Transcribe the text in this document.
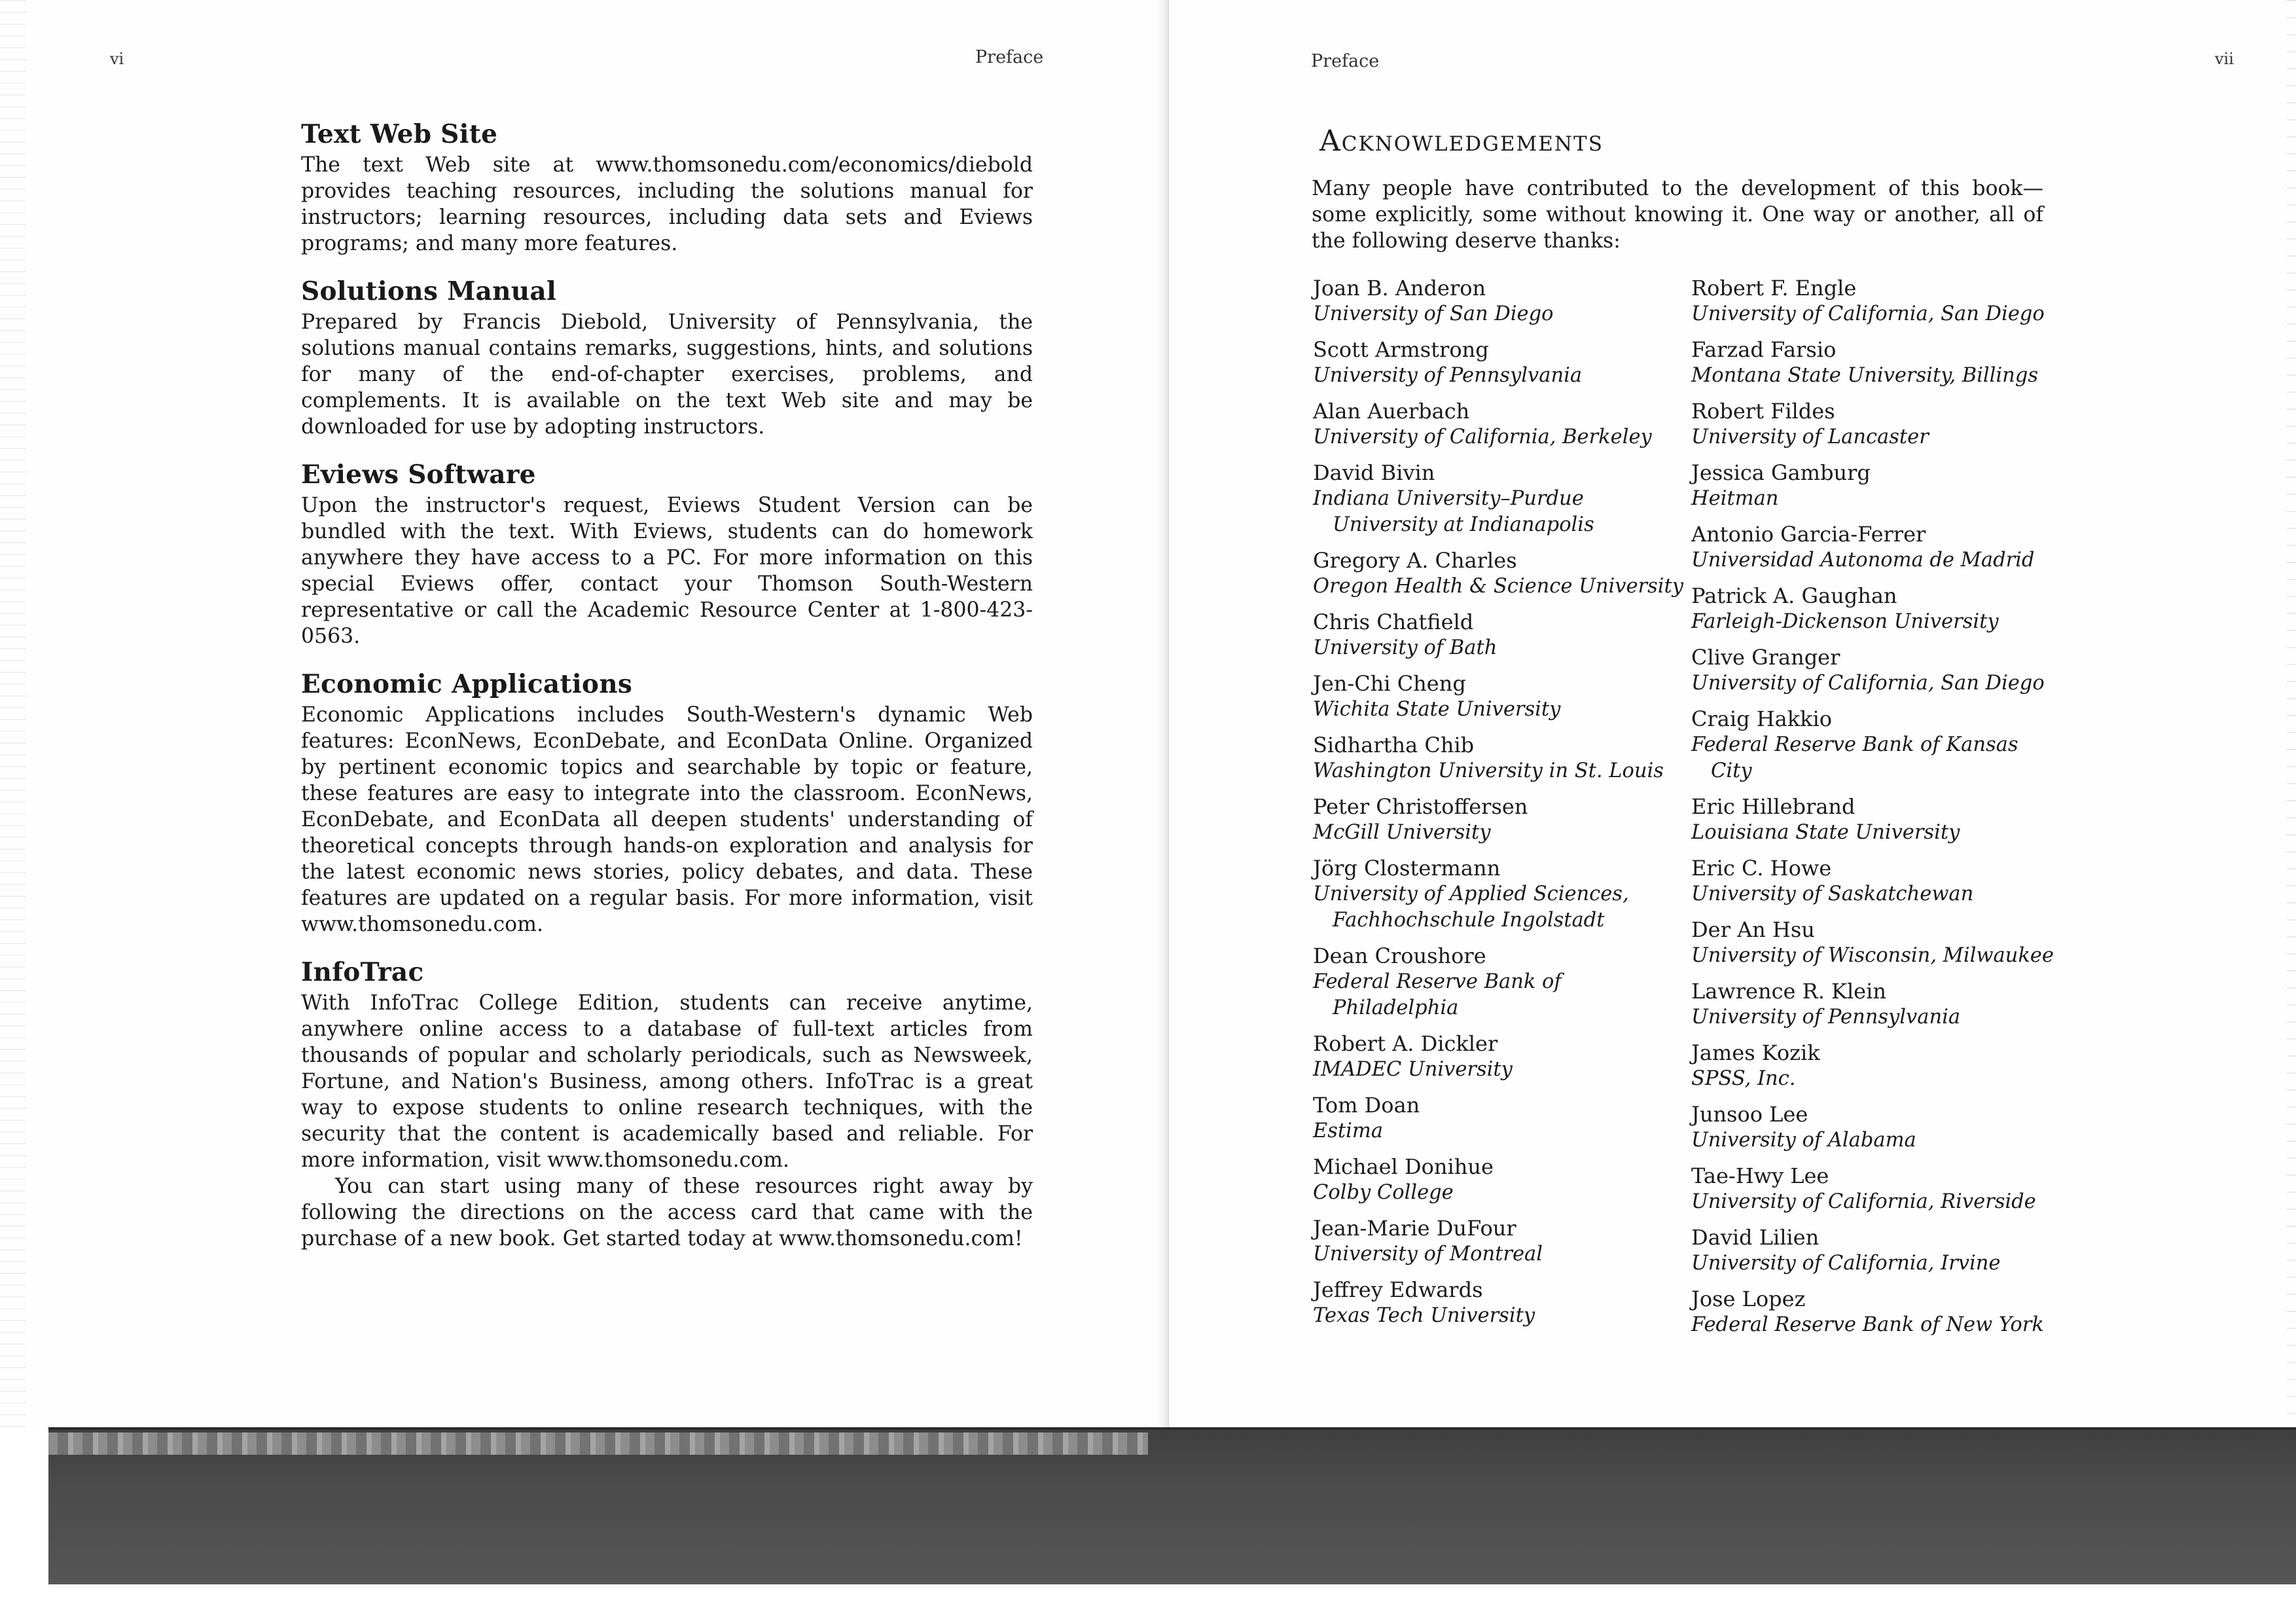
vi	Preface
Text Web Site

The text Web site at www.thomsonedu.com/economics/diebold provides teaching resources, including the solutions manual for instructors; learning resources, including data sets and Eviews programs; and many more features.

Solutions Manual

Prepared by Francis Diebold, University of Pennsylvania, the solutions manual contains remarks, suggestions, hints, and solutions for many of the end-of-chapter exercises, problems, and complements. It is available on the text Web site and may be downloaded for use by adopting instructors.

Eviews Software

Upon the instructor's request, Eviews Student Version can be bundled with the text. With Eviews, students can do homework anywhere they have access to a PC. For more information on this special Eviews offer, contact your Thomson South-Western representative or call the Academic Resource Center at 1-800-423-0563.

Economic Applications

Economic Applications includes South-Western's dynamic Web features: EconNews, EconDebate, and EconData Online. Organized by pertinent economic topics and searchable by topic or feature, these features are easy to integrate into the classroom. EconNews, EconDebate, and EconData all deepen students' understanding of theoretical concepts through hands-on exploration and analysis for the latest economic news stories, policy debates, and data. These features are updated on a regular basis. For more information, visit www.thomsonedu.com.

InfoTrac

With InfoTrac College Edition, students can receive anytime, anywhere online access to a database of full-text articles from thousands of popular and scholarly periodicals, such as Newsweek, Fortune, and Nation's Business, among others. InfoTrac is a great way to expose students to online research techniques, with the security that the content is academically based and reliable. For more information, visit www.thomsonedu.com.

You can start using many of these resources right away by following the directions on the access card that came with the purchase of a new book. Get started today at www.thomsonedu.com!

Preface	vii
Acknowledgements

Many people have contributed to the development of this book—some explicitly, some without knowing it. One way or another, all of the following deserve thanks:

Joan B. Anderon
University of San Diego
Scott Armstrong
University of Pennsylvania
Alan Auerbach
University of California, Berkeley
David Bivin
Indiana University–Purdue University at Indianapolis
Gregory A. Charles
Oregon Health & Science University
Chris Chatfield
University of Bath
Jen-Chi Cheng
Wichita State University
Sidhartha Chib
Washington University in St. Louis
Peter Christoffersen
McGill University
Jörg Clostermann
University of Applied Sciences, Fachhochschule Ingolstadt
Dean Croushore
Federal Reserve Bank of Philadelphia
Robert A. Dickler
IMADEC University
Tom Doan
Estima
Michael Donihue
Colby College
Jean-Marie DuFour
University of Montreal
Jeffrey Edwards
Texas Tech University
Robert F. Engle
University of California, San Diego
Farzad Farsio
Montana State University, Billings
Robert Fildes
University of Lancaster
Jessica Gamburg
Heitman
Antonio Garcia-Ferrer
Universidad Autonoma de Madrid
Patrick A. Gaughan
Farleigh-Dickenson University
Clive Granger
University of California, San Diego
Craig Hakkio
Federal Reserve Bank of Kansas City
Eric Hillebrand
Louisiana State University
Eric C. Howe
University of Saskatchewan
Der An Hsu
University of Wisconsin, Milwaukee
Lawrence R. Klein
University of Pennsylvania
James Kozik
SPSS, Inc.
Junsoo Lee
University of Alabama
Tae-Hwy Lee
University of California, Riverside
David Lilien
University of California, Irvine
Jose Lopez
Federal Reserve Bank of New York
